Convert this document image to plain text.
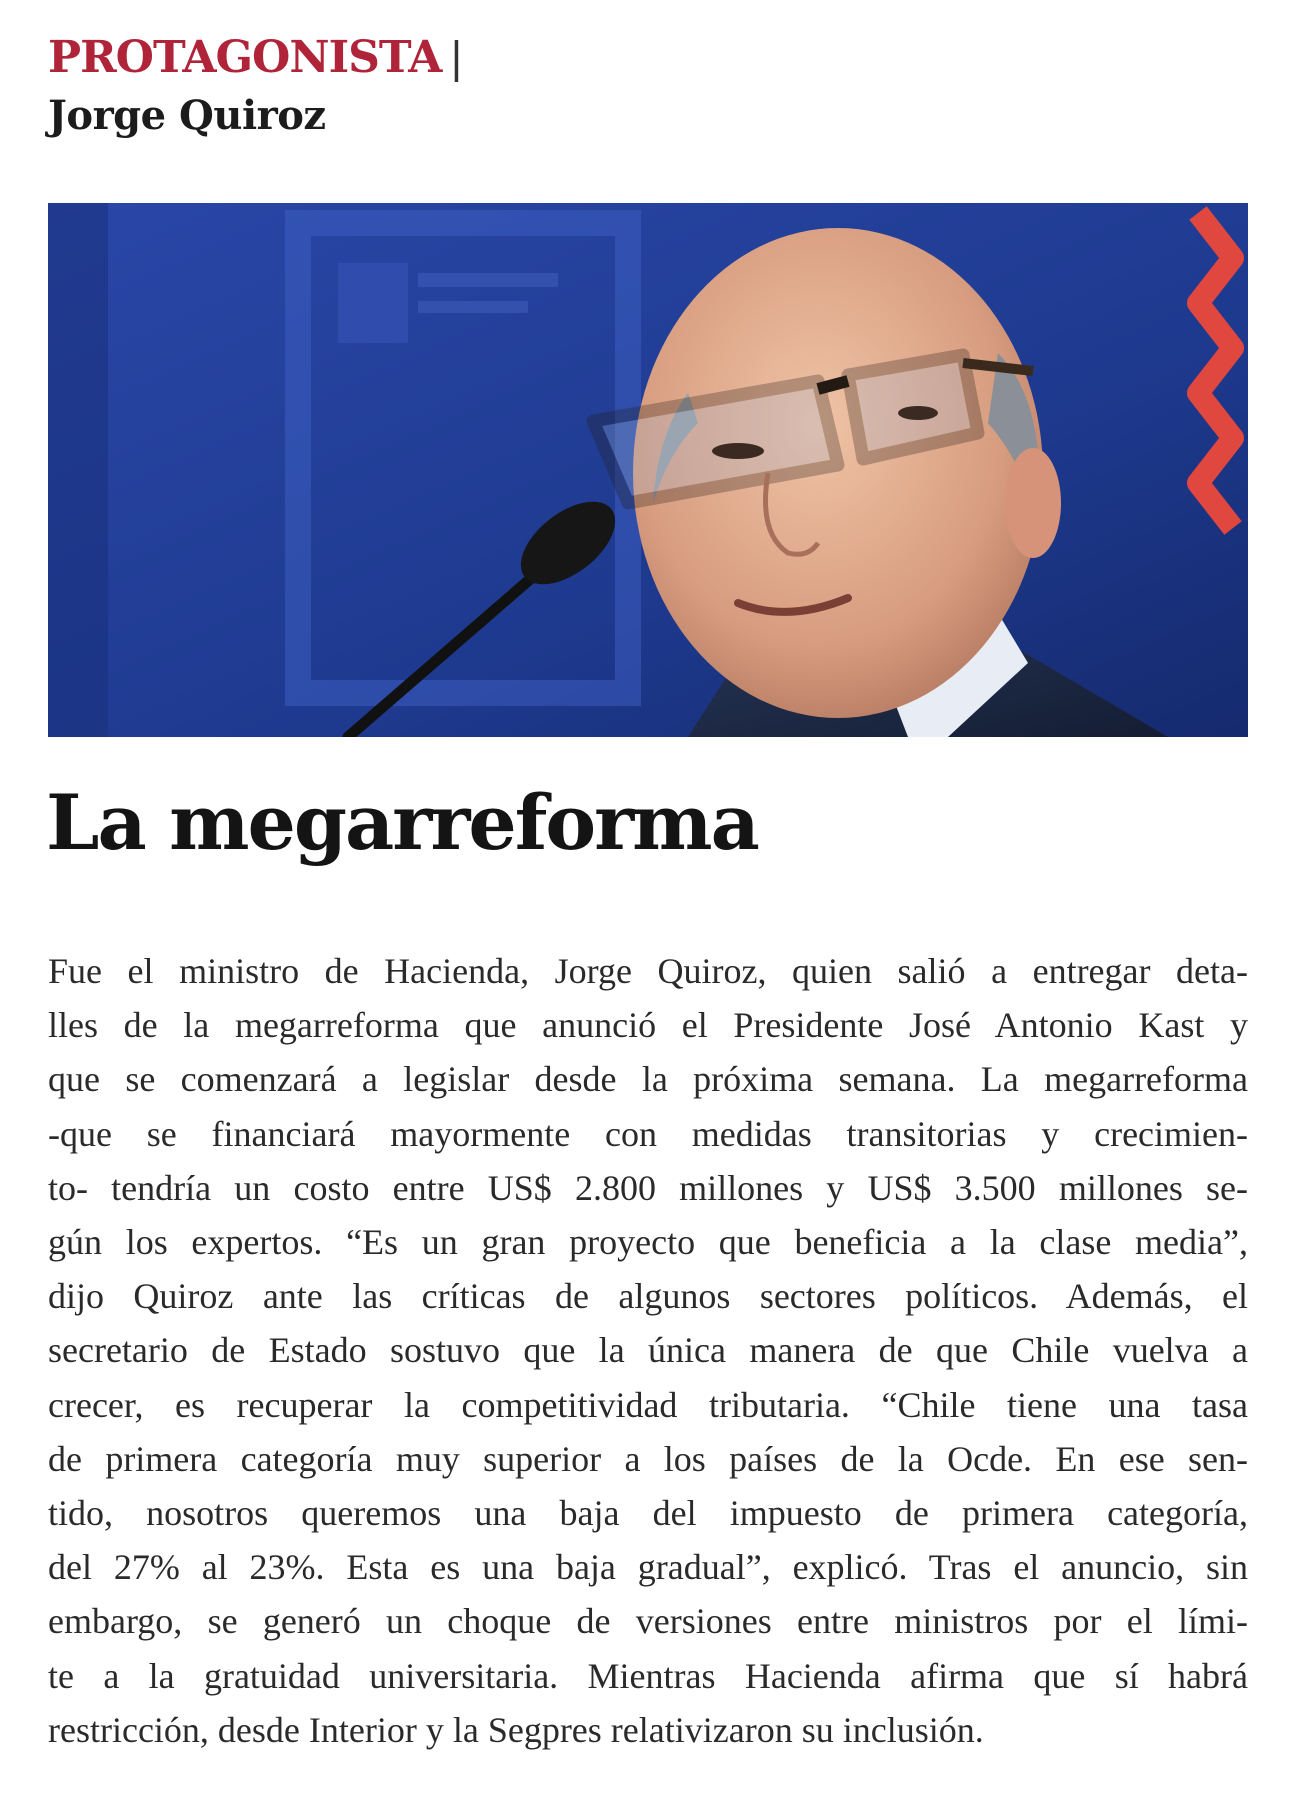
PROTAGONISTA |
Jorge Quiroz
La megarreforma
Fue el ministro de Hacienda, Jorge Quiroz, quien salió a entregar deta-
lles de la megarreforma que anunció el Presidente José Antonio Kast y
que se comenzará a legislar desde la próxima semana. La megarreforma
-que se financiará mayormente con medidas transitorias y crecimien-
to- tendría un costo entre US$ 2.800 millones y US$ 3.500 millones se-
gún los expertos. “Es un gran proyecto que beneficia a la clase media”,
dijo Quiroz ante las críticas de algunos sectores políticos. Además, el
secretario de Estado sostuvo que la única manera de que Chile vuelva a
crecer, es recuperar la competitividad tributaria. “Chile tiene una tasa
de primera categoría muy superior a los países de la Ocde. En ese sen-
tido, nosotros queremos una baja del impuesto de primera categoría,
del 27% al 23%. Esta es una baja gradual”, explicó. Tras el anuncio, sin
embargo, se generó un choque de versiones entre ministros por el lími-
te a la gratuidad universitaria. Mientras Hacienda afirma que sí habrá
restricción, desde Interior y la Segpres relativizaron su inclusión.
